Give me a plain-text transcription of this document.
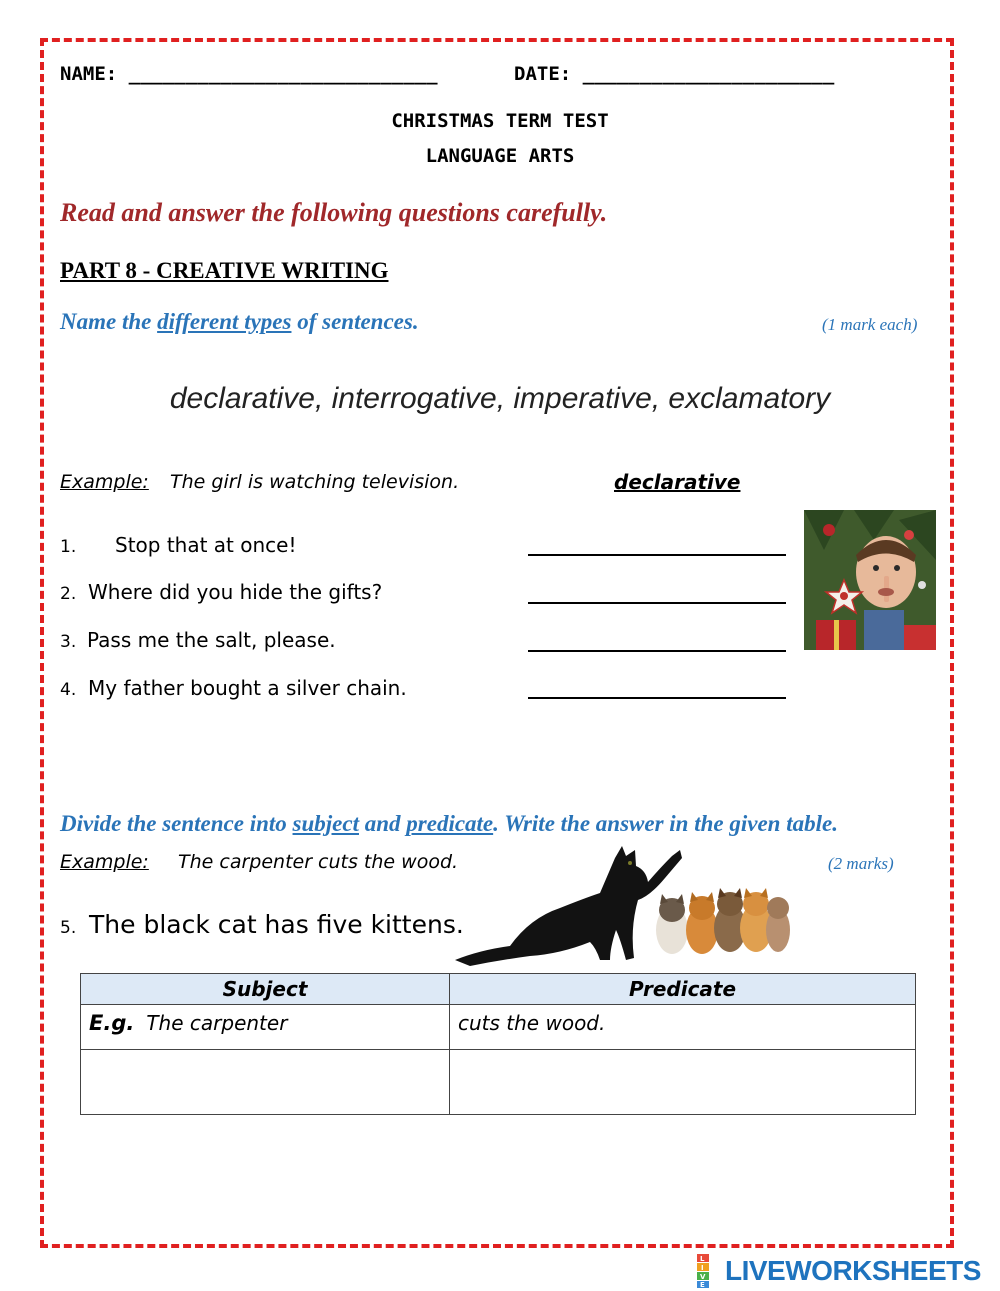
NAME: ___________________________	DATE: ______________________
CHRISTMAS TERM TEST
LANGUAGE ARTS
Read and answer the following questions carefully.
PART 8 - CREATIVE WRITING
Name the different types of sentences.	(1 mark each)
declarative, interrogative, imperative, exclamatory
Example: The girl is watching television.	declarative
1. Stop that at once!
2. Where did you hide the gifts?
3. Pass me the salt, please.
4. My father bought a silver chain.
Divide the sentence into subject and predicate. Write the answer in the given table.
Example: The carpenter cuts the wood.	(2 marks)
5. The black cat has five kittens.
Subject	Predicate
E.g. The carpenter	cuts the wood.

L
I
V
E LIVEWORKSHEETS
